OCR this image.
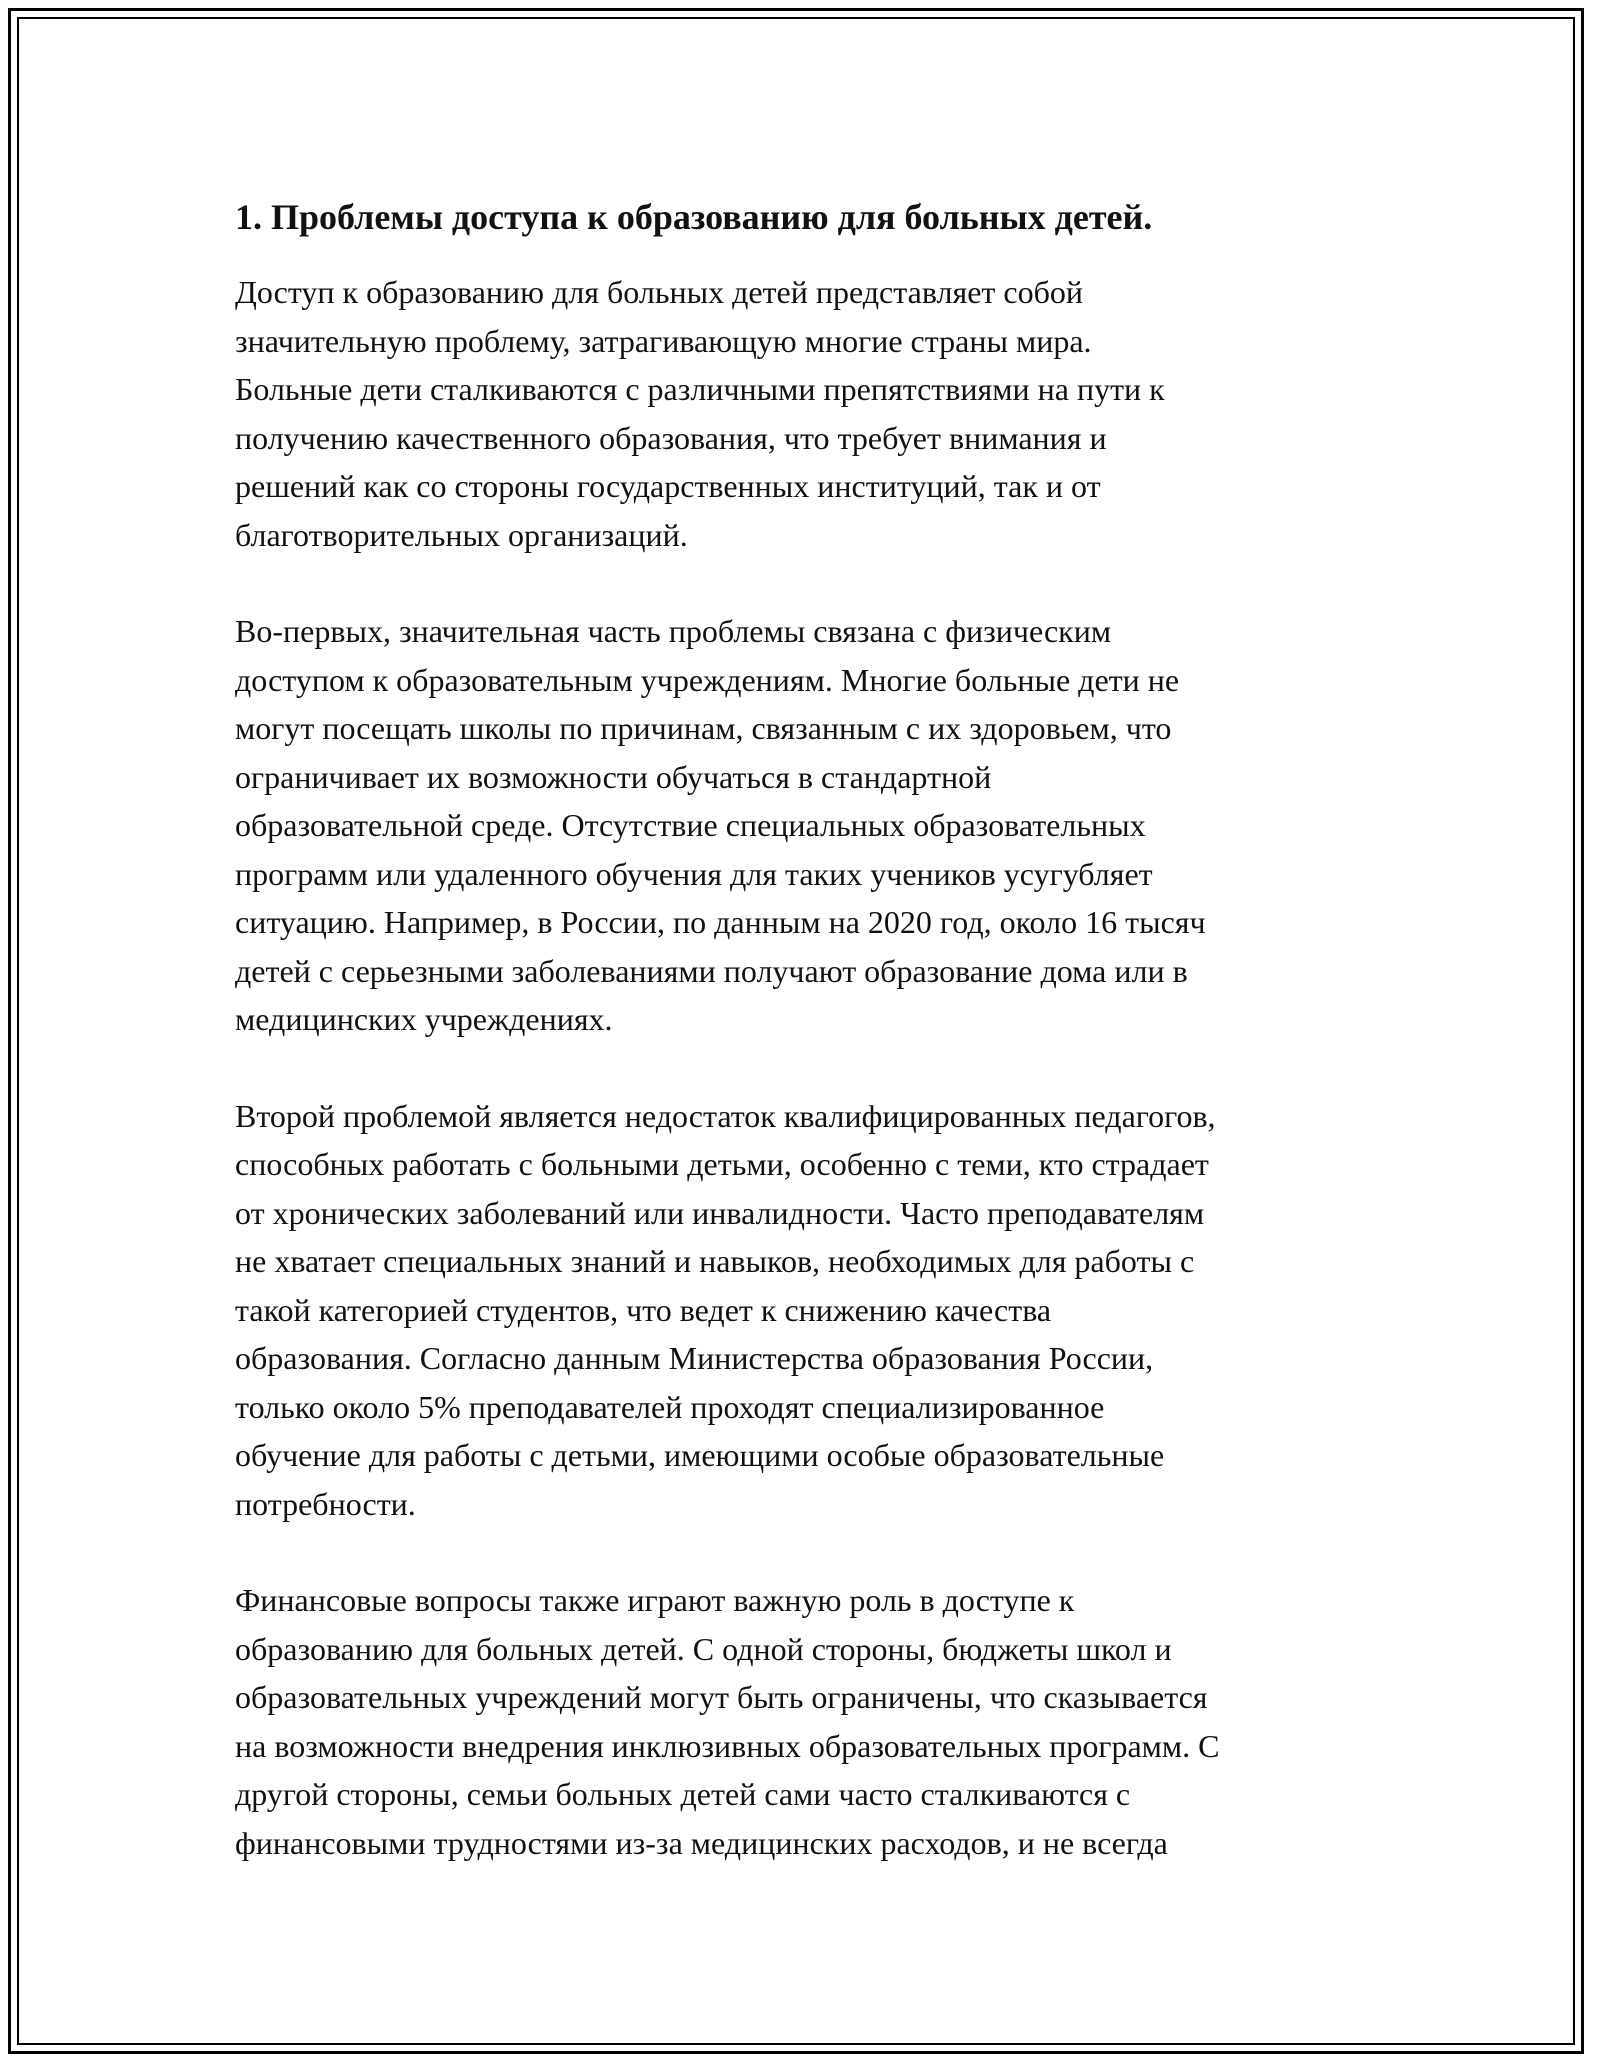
1. Проблемы доступа к образованию для больных детей.

Доступ к образованию для больных детей представляет собой
значительную проблему, затрагивающую многие страны мира.
Больные дети сталкиваются с различными препятствиями на пути к
получению качественного образования, что требует внимания и
решений как со стороны государственных институций, так и от
благотворительных организаций.

Во-первых, значительная часть проблемы связана с физическим
доступом к образовательным учреждениям. Многие больные дети не
могут посещать школы по причинам, связанным с их здоровьем, что
ограничивает их возможности обучаться в стандартной
образовательной среде. Отсутствие специальных образовательных
программ или удаленного обучения для таких учеников усугубляет
ситуацию. Например, в России, по данным на 2020 год, около 16 тысяч
детей с серьезными заболеваниями получают образование дома или в
медицинских учреждениях.

Второй проблемой является недостаток квалифицированных педагогов,
способных работать с больными детьми, особенно с теми, кто страдает
от хронических заболеваний или инвалидности. Часто преподавателям
не хватает специальных знаний и навыков, необходимых для работы с
такой категорией студентов, что ведет к снижению качества
образования. Согласно данным Министерства образования России,
только около 5% преподавателей проходят специализированное
обучение для работы с детьми, имеющими особые образовательные
потребности.

Финансовые вопросы также играют важную роль в доступе к
образованию для больных детей. С одной стороны, бюджеты школ и
образовательных учреждений могут быть ограничены, что сказывается
на возможности внедрения инклюзивных образовательных программ. С
другой стороны, семьи больных детей сами часто сталкиваются с
финансовыми трудностями из-за медицинских расходов, и не всегда
